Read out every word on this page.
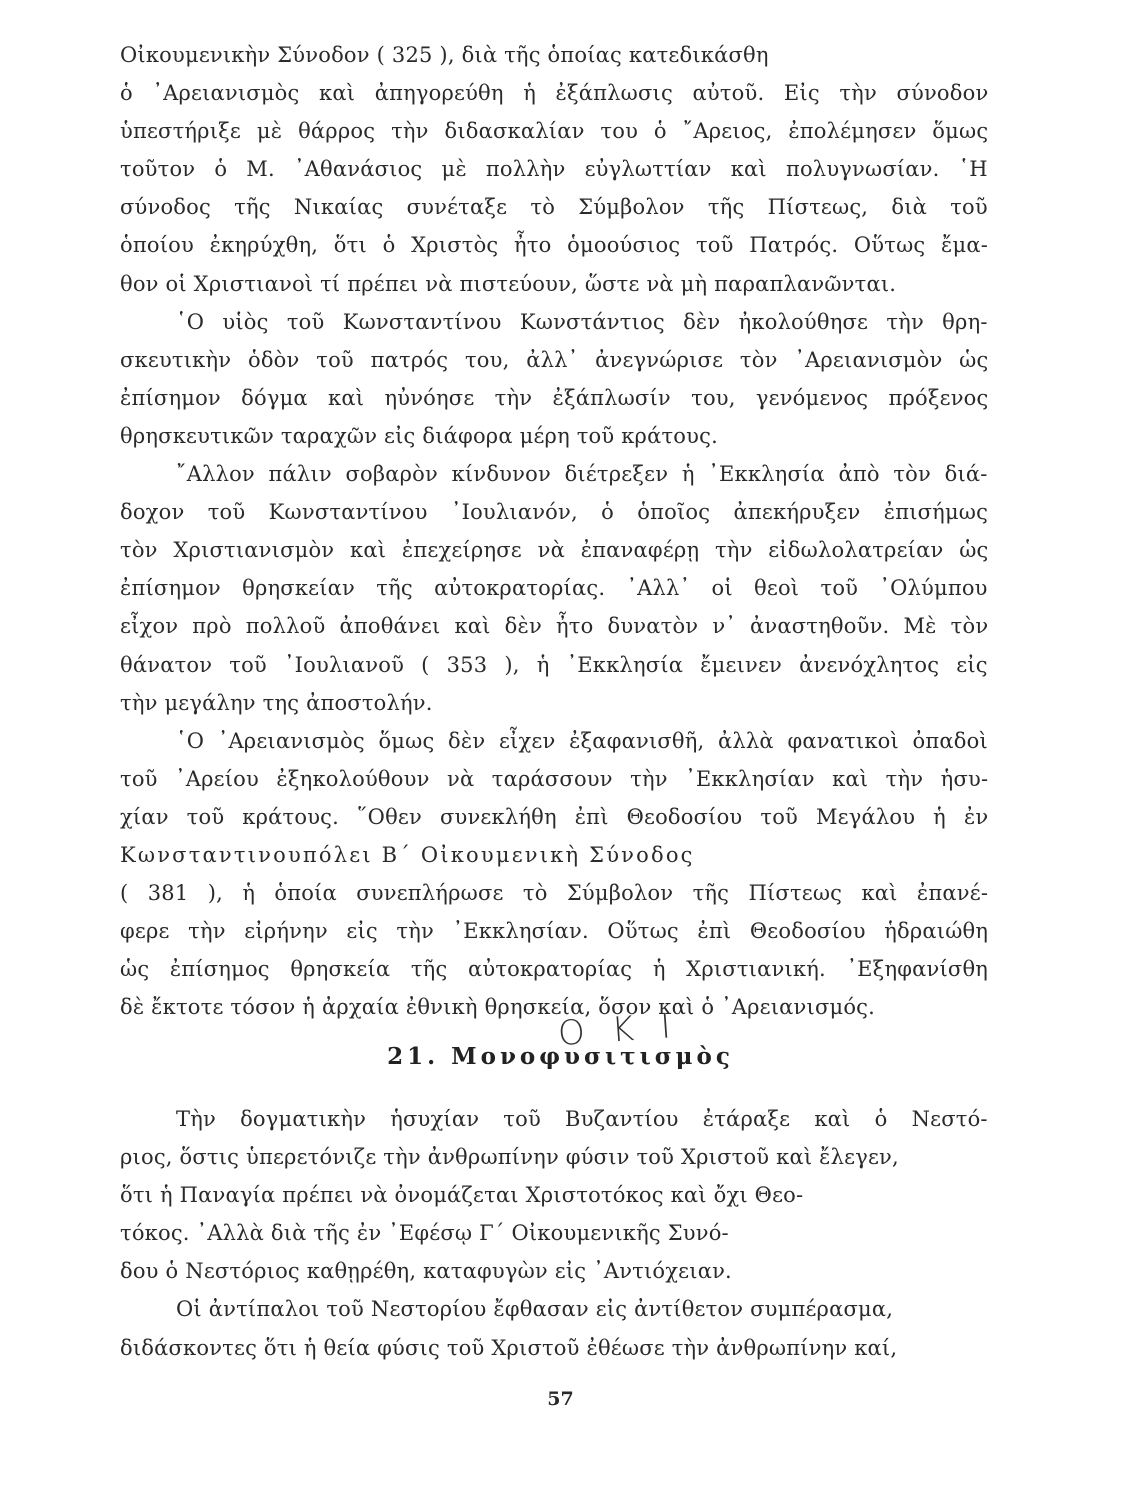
Οἰκουμενικὴν Σύνοδον ( 325 ), διὰ τῆς ὁποίας κατεδικάσθη
ὁ ᾿Αρειανισμὸς καὶ ἀπηγορεύθη ἡ ἐξάπλωσις αὐτοῦ. Εἰς τὴν σύνοδον
ὑπεστήριξε μὲ θάρρος τὴν διδασκαλίαν του ὁ ῎Αρειος, ἐπολέμησεν ὅμως
τοῦτον ὁ Μ. ᾿Αθανάσιος μὲ πολλὴν εὐγλωττίαν καὶ πολυγνωσίαν. ῾Η
σύνοδος τῆς Νικαίας συνέταξε τὸ Σύμβολον τῆς Πίστεως, διὰ τοῦ
ὁποίου ἐκηρύχθη, ὅτι ὁ Χριστὸς ἦτο ὁμοούσιος τοῦ Πατρός. Οὕτως ἔμα-
θον οἱ Χριστιανοὶ τί πρέπει νὰ πιστεύουν, ὥστε νὰ μὴ παραπλανῶνται.
῾Ο υἱὸς τοῦ Κωνσταντίνου Κωνστάντιος δὲν ἠκολούθησε τὴν θρη-
σκευτικὴν ὁδὸν τοῦ πατρός του, ἀλλ᾿ ἀνεγνώρισε τὸν ᾿Αρειανισμὸν ὡς
ἐπίσημον δόγμα καὶ ηὐνόησε τὴν ἐξάπλωσίν του, γενόμενος πρόξενος
θρησκευτικῶν ταραχῶν εἰς διάφορα μέρη τοῦ κράτους.
῎Αλλον πάλιν σοβαρὸν κίνδυνον διέτρεξεν ἡ ᾿Εκκλησία ἀπὸ τὸν διά-
δοχον τοῦ Κωνσταντίνου ᾿Ιουλιανόν, ὁ ὁποῖος ἀπεκήρυξεν ἐπισήμως
τὸν Χριστιανισμὸν καὶ ἐπεχείρησε νὰ ἐπαναφέρῃ τὴν εἰδωλολατρείαν ὡς
ἐπίσημον θρησκείαν τῆς αὐτοκρατορίας. ᾿Αλλ᾿ οἱ θεοὶ τοῦ ᾿Ολύμπου
εἶχον πρὸ πολλοῦ ἀποθάνει καὶ δὲν ἦτο δυνατὸν ν᾿ ἀναστηθοῦν. Μὲ τὸν
θάνατον τοῦ ᾿Ιουλιανοῦ ( 353 ), ἡ ᾿Εκκλησία ἔμεινεν ἀνενόχλητος εἰς
τὴν μεγάλην της ἀποστολήν.
῾Ο ᾿Αρειανισμὸς ὅμως δὲν εἶχεν ἐξαφανισθῆ, ἀλλὰ φανατικοὶ ὀπαδοὶ
τοῦ ᾿Αρείου ἐξηκολούθουν νὰ ταράσσουν τὴν ᾿Εκκλησίαν καὶ τὴν ἡσυ-
χίαν τοῦ κράτους. ῞Οθεν συνεκλήθη ἐπὶ Θεοδοσίου τοῦ Μεγάλου ἡ ἐν
Κωνσταντινουπόλει Β΄ Οἰκουμενικὴ Σύνοδος
( 381 ), ἡ ὁποία συνεπλήρωσε τὸ Σύμβολον τῆς Πίστεως καὶ ἐπανέ-
φερε τὴν εἰρήνην εἰς τὴν ᾿Εκκλησίαν. Οὕτως ἐπὶ Θεοδοσίου ἡδραιώθη
ὡς ἐπίσημος θρησκεία τῆς αὐτοκρατορίας ἡ Χριστιανική. ᾿Εξηφανίσθη
δὲ ἔκτοτε τόσον ἡ ἀρχαία ἐθνικὴ θρησκεία, ὅσον καὶ ὁ ᾿Αρειανισμός.
Ο Κ Ι
21. Μονοφυσιτισμὸς
Τὴν δογματικὴν ἡσυχίαν τοῦ Βυζαντίου ἐτάραξε καὶ ὁ Νεστό-
ριος, ὅστις ὑπερετόνιζε τὴν ἀνθρωπίνην φύσιν τοῦ Χριστοῦ καὶ ἔλεγεν,
ὅτι ἡ Παναγία πρέπει νὰ ὀνομάζεται Χριστοτόκος καὶ ὄχι Θεο-
τόκος. ᾿Αλλὰ διὰ τῆς ἐν ᾿Εφέσῳ Γ΄ Οἰκουμενικῆς Συνό-
δου ὁ Νεστόριος καθῃρέθη, καταφυγὼν εἰς ᾿Αντιόχειαν.
Οἱ ἀντίπαλοι τοῦ Νεστορίου ἔφθασαν εἰς ἀντίθετον συμπέρασμα,
διδάσκοντες ὅτι ἡ θεία φύσις τοῦ Χριστοῦ ἐθέωσε τὴν ἀνθρωπίνην καί,
57
